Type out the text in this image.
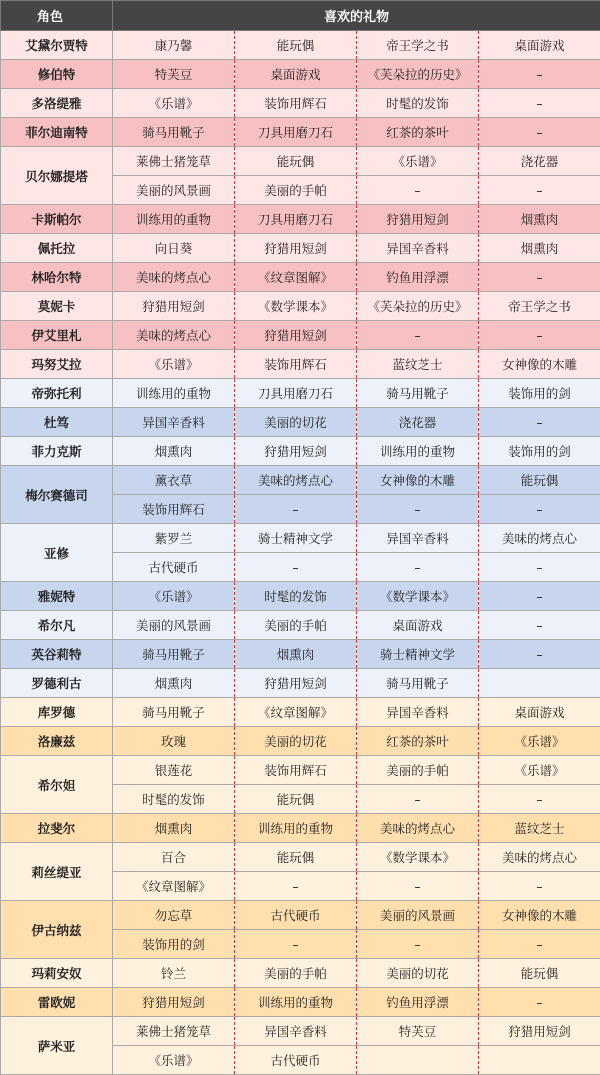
角色	喜欢的礼物			
艾黛尔贾特	康乃馨	能玩偶	帝王学之书	桌面游戏
修伯特	特芙豆	桌面游戏	《芙朵拉的历史》	–
多洛缇雅	《乐谱》	装饰用辉石	时髦的发饰	–
菲尔迪南特	骑马用靴子	刀具用磨刀石	红茶的茶叶	–
贝尔娜提塔	莱佛士猪笼草	能玩偶	《乐谱》	浇花器
	美丽的风景画	美丽的手帕	–	–
卡斯帕尔	训练用的重物	刀具用磨刀石	狩猎用短剑	烟熏肉
佩托拉	向日葵	狩猎用短剑	异国辛香料	烟熏肉
林哈尔特	美味的烤点心	《纹章图解》	钓鱼用浮漂	–
莫妮卡	狩猎用短剑	《数学课本》	《芙朵拉的历史》	帝王学之书
伊艾里札	美味的烤点心	狩猎用短剑	–	–
玛努艾拉	《乐谱》	装饰用辉石	蓝纹芝士	女神像的木雕
帝弥托利	训练用的重物	刀具用磨刀石	骑马用靴子	装饰用的剑
杜笃	异国辛香料	美丽的切花	浇花器	–
菲力克斯	烟熏肉	狩猎用短剑	训练用的重物	装饰用的剑
梅尔赛德司	薰衣草	美味的烤点心	女神像的木雕	能玩偶
	装饰用辉石	–	–	–
亚修	紫罗兰	骑士精神文学	异国辛香料	美味的烤点心
	古代硬币	–	–	–
雅妮特	《乐谱》	时髦的发饰	《数学课本》	–
希尔凡	美丽的风景画	美丽的手帕	桌面游戏	–
英谷莉特	骑马用靴子	烟熏肉	骑士精神文学	–
罗德利古	烟熏肉	狩猎用短剑	骑马用靴子	
库罗德	骑马用靴子	《纹章图解》	异国辛香料	桌面游戏
洛廉兹	玫瑰	美丽的切花	红茶的茶叶	《乐谱》
希尔妲	银莲花	装饰用辉石	美丽的手帕	《乐谱》
	时髦的发饰	能玩偶	–	–
拉斐尔	烟熏肉	训练用的重物	美味的烤点心	蓝纹芝士
莉丝缇亚	百合	能玩偶	《数学课本》	美味的烤点心
	《纹章图解》	–	–	–
伊古纳兹	勿忘草	古代硬币	美丽的风景画	女神像的木雕
	装饰用的剑	–	–	–
玛莉安奴	铃兰	美丽的手帕	美丽的切花	能玩偶
雷欧妮	狩猎用短剑	训练用的重物	钓鱼用浮漂	–
萨米亚	莱佛士猪笼草	异国辛香料	特芙豆	狩猎用短剑
	《乐谱》	古代硬币		
